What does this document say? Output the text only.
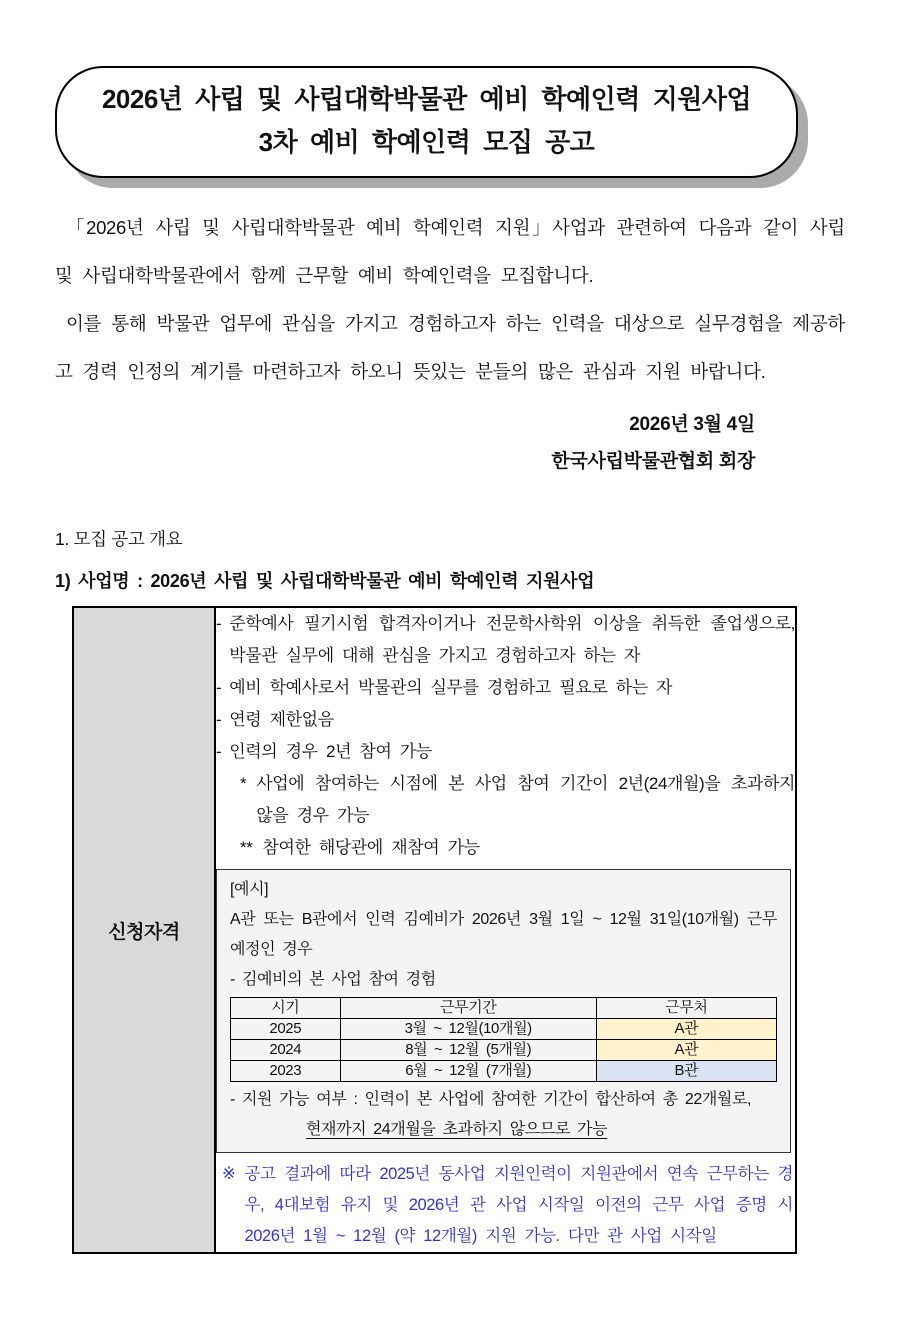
2026년 사립 및 사립대학박물관 예비 학예인력 지원사업
3차 예비 학예인력 모집 공고

「2026년 사립 및 사립대학박물관 예비 학예인력 지원」사업과 관련하여 다음과 같이 사립 및 사립대학박물관에서 함께 근무할 예비 학예인력을 모집합니다.

이를 통해 박물관 업무에 관심을 가지고 경험하고자 하는 인력을 대상으로 실무경험을 제공하고 경력 인정의 계기를 마련하고자 하오니 뜻있는 분들의 많은 관심과 지원 바랍니다.

2026년 3월 4일
한국사립박물관협회 회장
1. 모집 공고 개요
1) 사업명 : 2026년 사립 및 사립대학박물관 예비 학예인력 지원사업
신청자격	
- 준학예사 필기시험 합격자이거나 전문학사학위 이상을 취득한 졸업생으로, 박물관 실무에 대해 관심을 가지고 경험하고자 하는 자
- 예비 학예사로서 박물관의 실무를 경험하고 필요로 하는 자
- 연령 제한없음
- 인력의 경우 2년 참여 가능
* 사업에 참여하는 시점에 본 사업 참여 기간이 2년(24개월)을 초과하지 않을 경우 가능
** 참여한 해당관에 재참여 가능
[예시]
A관 또는 B관에서 인력 김예비가 2026년 3월 1일 ~ 12월 31일(10개월) 근무 예정인 경우
- 김예비의 본 사업 참여 경험
시기	근무기간	근무처
2025	3월 ~ 12월(10개월)	A관
2024	8월 ~ 12월 (5개월)	A관
2023	6월 ~ 12월 (7개월)	B관
- 지원 가능 여부 : 인력이 본 사업에 참여한 기간이 합산하여 총 22개월로,
현재까지 24개월을 초과하지 않으므로 가능
※ 공고 결과에 따라 2025년 동사업 지원인력이 지원관에서 연속 근무하는 경우, 4대보험 유지 및 2026년 관 사업 시작일 이전의 근무 사업 증명 시 2026년 1월 ~ 12월 (약 12개월) 지원 가능. 다만 관 사업 시작일
